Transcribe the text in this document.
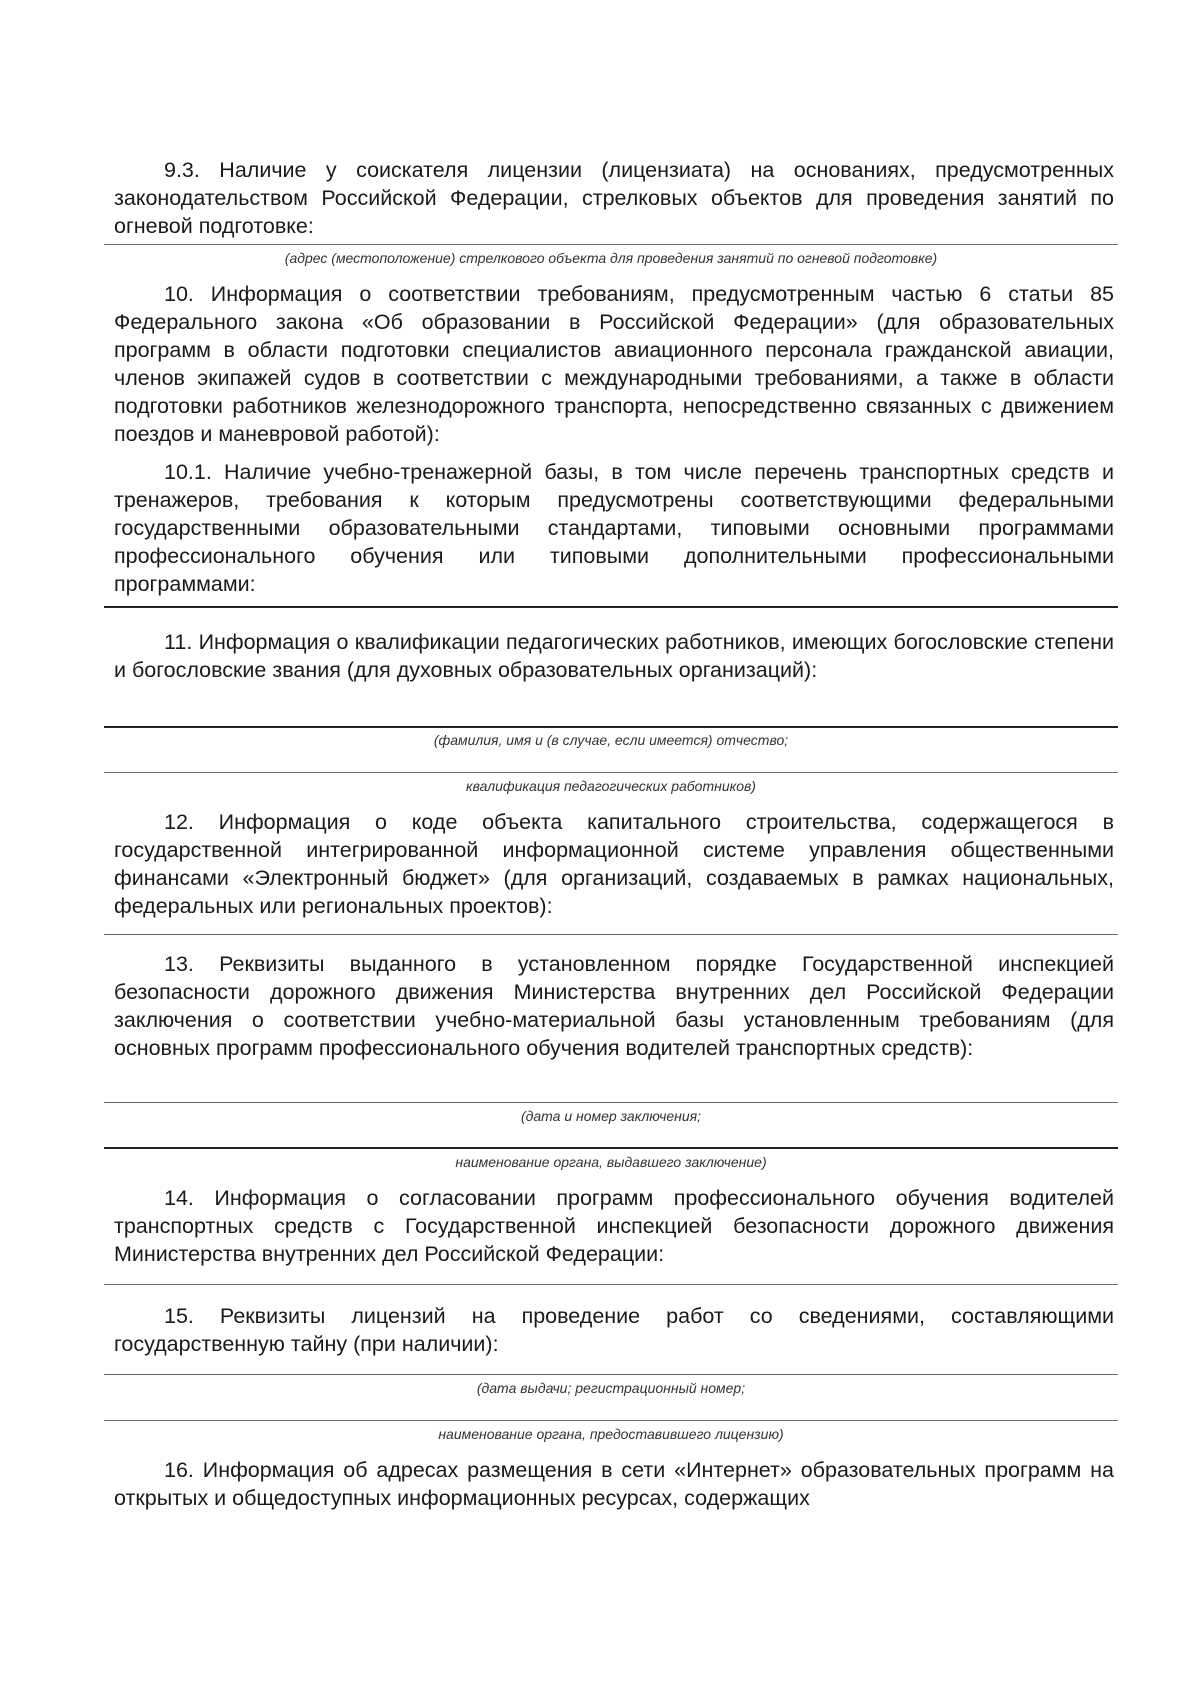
9.3. Наличие у соискателя лицензии (лицензиата) на основаниях, предусмотренных законодательством Российской Федерации, стрелковых объектов для проведения занятий по огневой подготовке:

(адрес (местоположение) стрелкового объекта для проведения занятий по огневой подготовке)

10. Информация о соответствии требованиям, предусмотренным частью 6 статьи 85 Федерального закона «Об образовании в Российской Федерации» (для образовательных программ в области подготовки специалистов авиационного персонала гражданской авиации, членов экипажей судов в соответствии с международными требованиями, а также в области подготовки работников железнодорожного транспорта, непосредственно связанных с движением поездов и маневровой работой):

10.1. Наличие учебно-тренажерной базы, в том числе перечень транспортных средств и тренажеров, требования к которым предусмотрены соответствующими федеральными государственными образовательными стандартами, типовыми основными программами профессионального обучения или типовыми дополнительными профессиональными программами:

11. Информация о квалификации педагогических работников, имеющих богословские степени и богословские звания (для духовных образовательных организаций):

(фамилия, имя и (в случае, если имеется) отчество;
квалификация педагогических работников)

12. Информация о коде объекта капитального строительства, содержащегося в государственной интегрированной информационной системе управления общественными финансами «Электронный бюджет» (для организаций, создаваемых в рамках национальных, федеральных или региональных проектов):

13. Реквизиты выданного в установленном порядке Государственной инспекцией безопасности дорожного движения Министерства внутренних дел Российской Федерации заключения о соответствии учебно-материальной базы установленным требованиям (для основных программ профессионального обучения водителей транспортных средств):

(дата и номер заключения;
наименование органа, выдавшего заключение)

14. Информация о согласовании программ профессионального обучения водителей транспортных средств с Государственной инспекцией безопасности дорожного движения Министерства внутренних дел Российской Федерации:

15. Реквизиты лицензий на проведение работ со сведениями, составляющими государственную тайну (при наличии):

(дата выдачи; регистрационный номер;
наименование органа, предоставившего лицензию)

16. Информация об адресах размещения в сети «Интернет» образовательных программ на открытых и общедоступных информационных ресурсах, содержащих
